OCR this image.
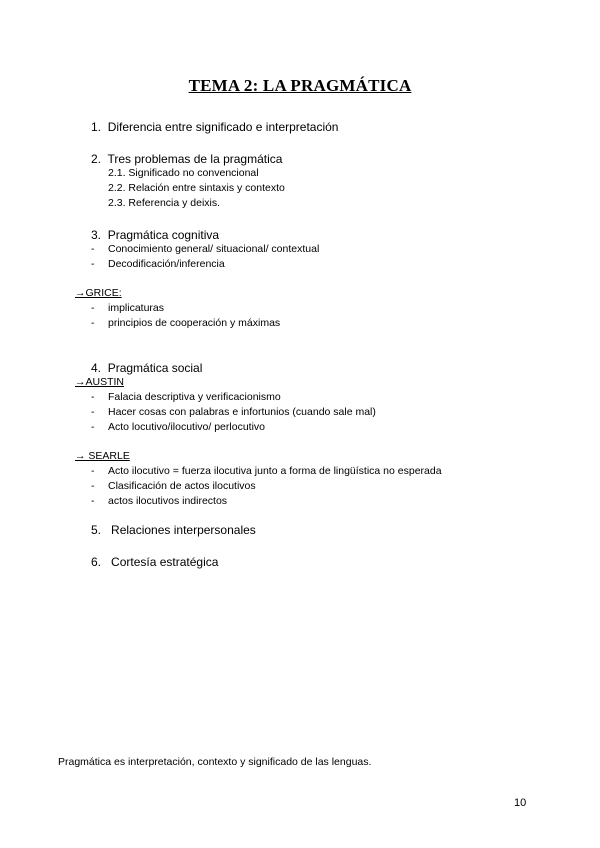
TEMA 2: LA PRAGMÁTICA
1. Diferencia entre significado e interpretación
2. Tres problemas de la pragmática
2.1. Significado no convencional
2.2. Relación entre sintaxis y contexto
2.3. Referencia y deixis.
3. Pragmática cognitiva
- Conocimiento general/ situacional/ contextual
- Decodificación/inferencia
→GRICE:
- implicaturas
- principios de cooperación y máximas
4. Pragmática social
→AUSTIN
- Falacia descriptiva y verificacionismo
- Hacer cosas con palabras e infortunios (cuando sale mal)
- Acto locutivo/ilocutivo/ perlocutivo
→ SEARLE
- Acto ilocutivo = fuerza ilocutiva junto a forma de lingüística no esperada
- Clasificación de actos ilocutivos
- actos ilocutivos indirectos
5. Relaciones interpersonales
6. Cortesía estratégica
Pragmática es interpretación, contexto y significado de las lenguas.
10
